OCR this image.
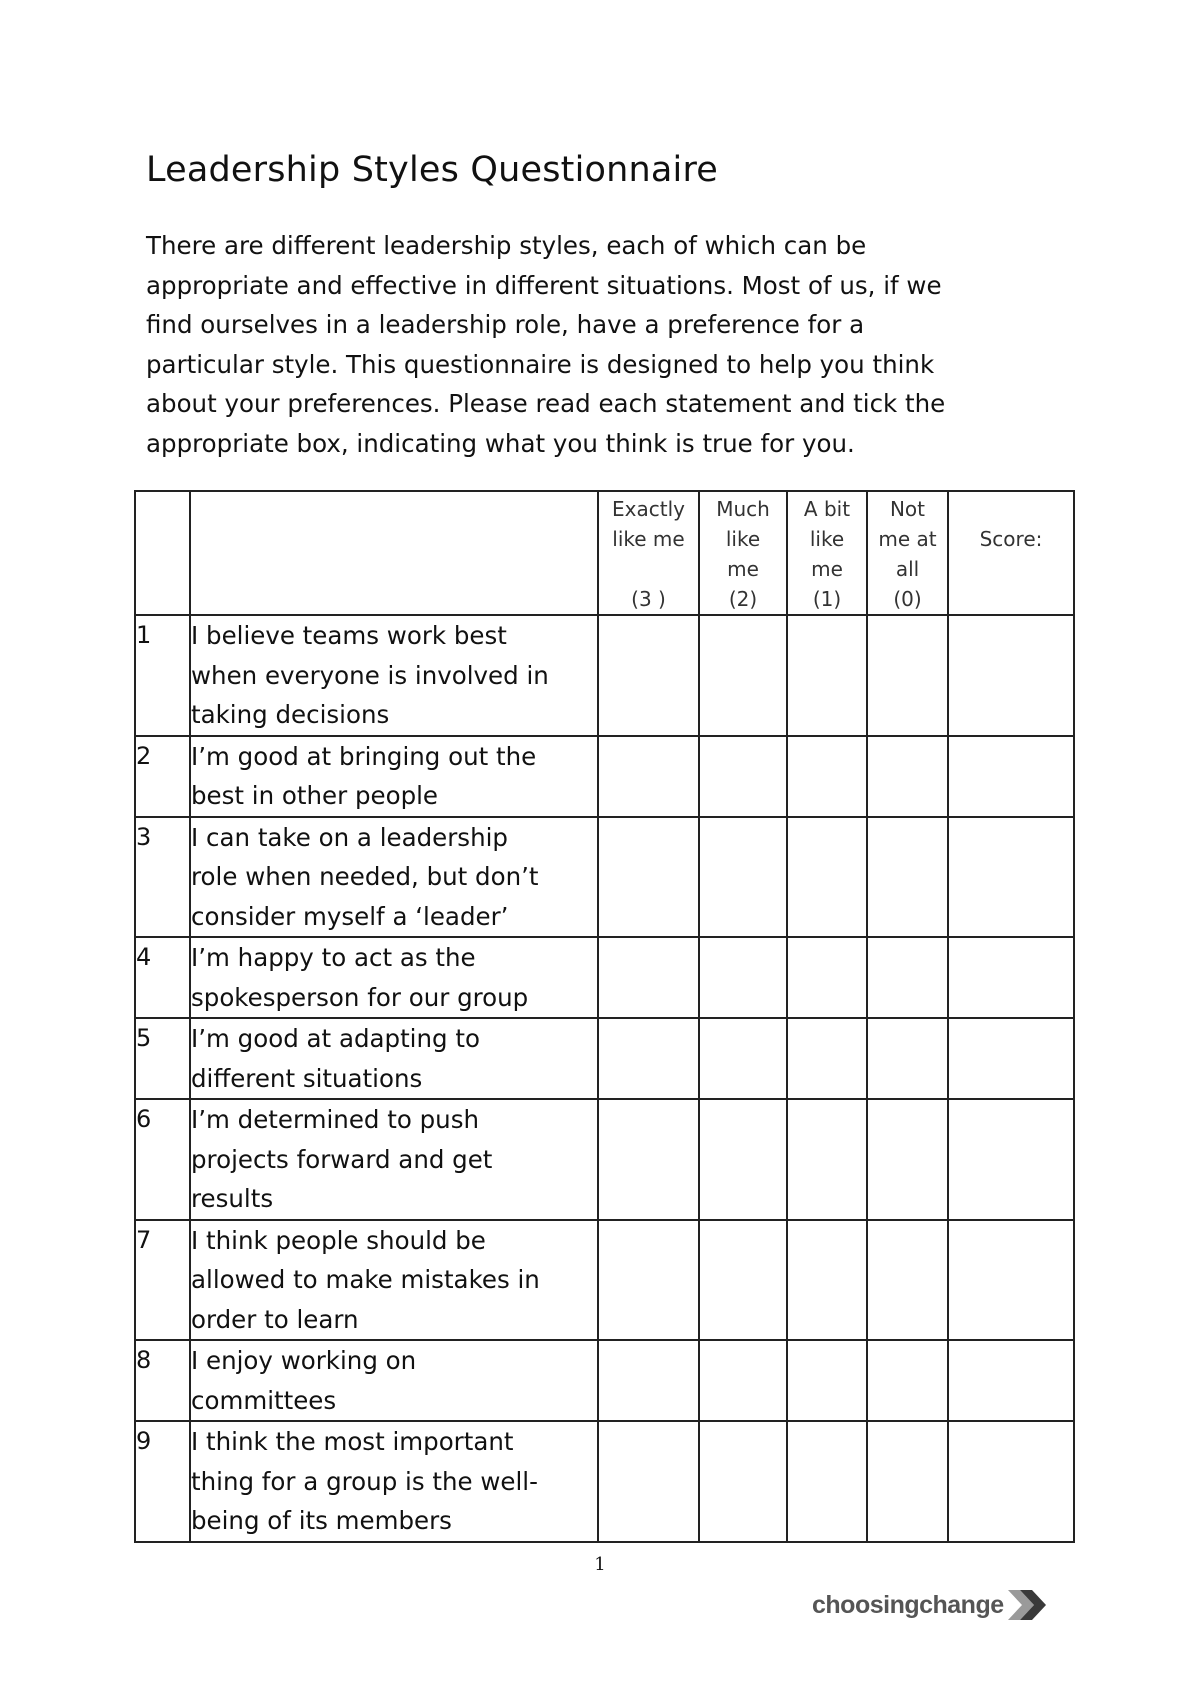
Leadership Styles Questionnaire
There are different leadership styles, each of which can be
appropriate and effective in different situations. Most of us, if we
find ourselves in a leadership role, have a preference for a
particular style. This questionnaire is designed to help you think
about your preferences. Please read each statement and tick the
appropriate box, indicating what you think is true for you.

		Exactly
like me

(3 )	Much
like
me
(2)	A bit
like
me
(1)	Not
me at
all
(0)	Score:

1	I believe teams work best
when everyone is involved in
taking decisions					

2	I’m good at bringing out the
best in other people					

3	I can take on a leadership
role when needed, but don’t
consider myself a ‘leader’					

4	I’m happy to act as the
spokesperson for our group					

5	I’m good at adapting to
different situations					

6	I’m determined to push
projects forward and get
results					

7	I think people should be
allowed to make mistakes in
order to learn					

8	I enjoy working on
committees					

9	I think the most important
thing for a group is the well-
being of its members					

1
choosingchange
